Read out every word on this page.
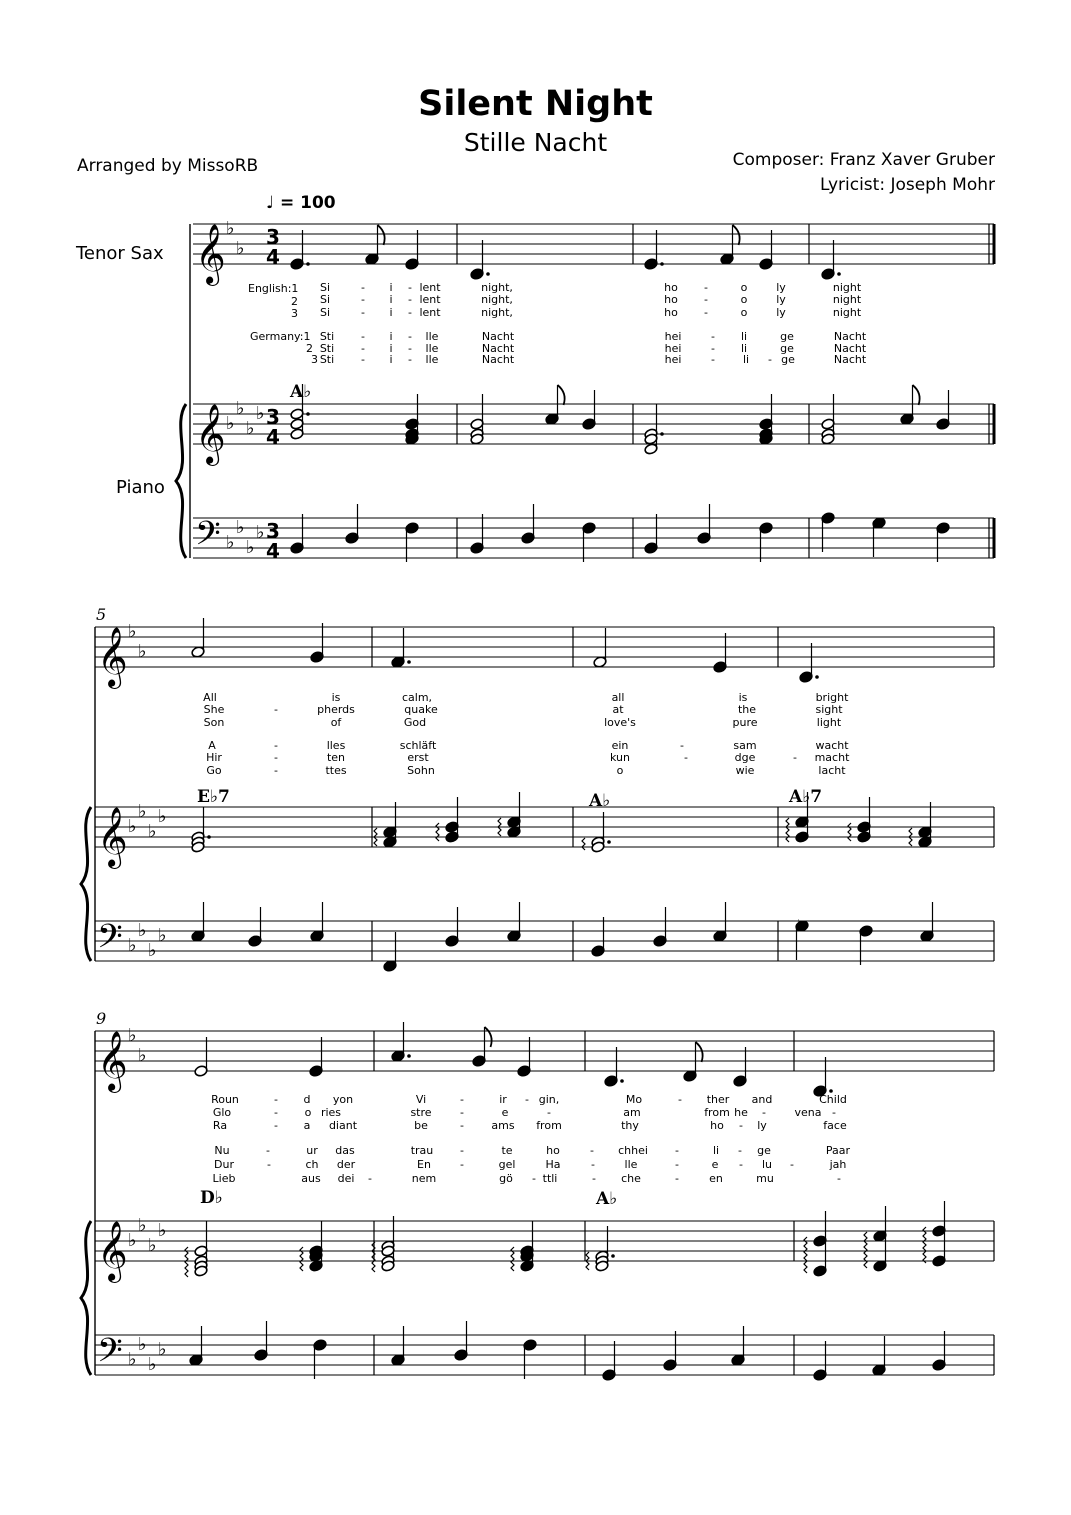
Silent Night
Stille Nacht
Arranged by MissoRB	Composer: Franz Xaver Gruber
Lyricist: Joseph Mohr
♩ = 100
Tenor Sax
Piano
𝄞 ♭
♭ 3
4
𝄞 ♭
♭
♭
♭ 3
4
𝄢 ♭
♭
♭
♭ 3
4
A♭
English:1
2
3
Germany:1
2
3
Si	- i - lent	night,	ho -	o	ly	night
Si	- i - lent	night,	ho -	o	ly	night
Si	- i - lent	night,	ho -	o	ly	night
Sti - i - lle	Nacht	hei	- li	ge	Nacht
Sti - i - lle	Nacht	hei	- li	ge	Nacht
Sti - i - lle	Nacht	hei	-	li - ge	Nacht
5
𝄞 ♭
♭
𝄞 ♭
♭
♭
♭
𝄢 ♭
♭
♭
♭	♭
E♭7	A♭	A♭7
All	is	calm,	all	is	bright
She	-	pherds	quake	at	the	sight
Son	of	God	love's	pure	light
A	-	lles	schläft	ein	-	sam	wacht
Hir	-	ten	erst	kun	-	dge	- macht
Go	-	ttes	Sohn	o	wie	lacht
9
𝄞 ♭
♭
𝄞 ♭
♭
♭
♭
𝄢 ♭
♭
♭
♭
D♭	A♭
Roun	- d yon	Vi	-	ir - gin,	Mo	- ther and	Child
Glo	- o ries	stre	-	e	-	am	from he -	vena -
Ra	- a diant	be	- ams from	thy	ho - ly	face
Nu	-	ur das	trau -	te	ho	- chhei -	li - ge	Paar
Dur	-	ch der	En	-	gel	Ha	-	lle	-	e - lu -	jah
Lieb	aus dei -	nem	gö - ttli	- che	-	en	mu	-
